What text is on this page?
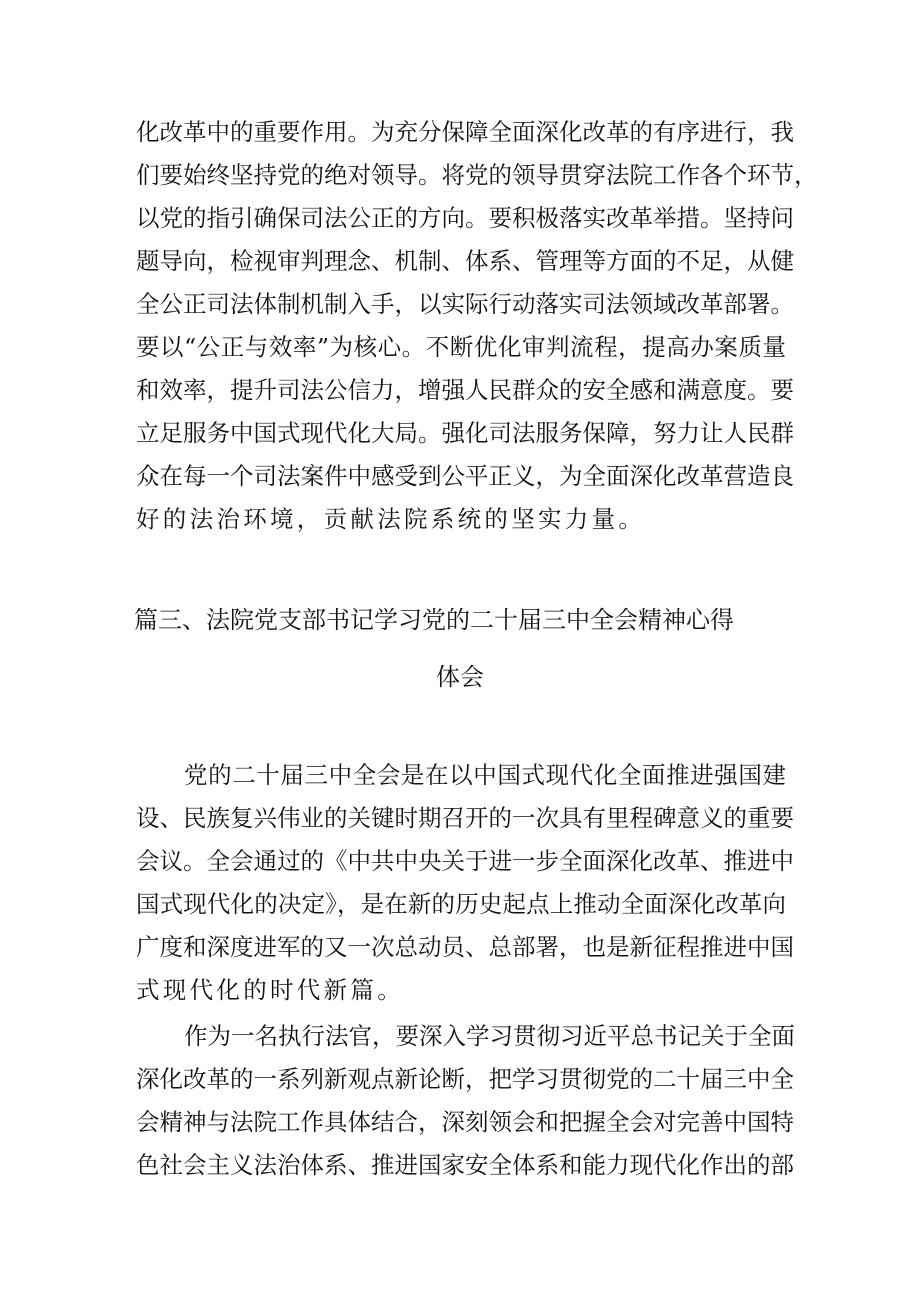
化改革中的重要作用。为充分保障全面深化改革的有序进行，我
们要始终坚持党的绝对领导。将党的领导贯穿法院工作各个环节，
以党的指引确保司法公正的方向。要积极落实改革举措。坚持问
题导向，检视审判理念、机制、体系、管理等方面的不足，从健
全公正司法体制机制入手，以实际行动落实司法领域改革部署。
要以“公正与效率”为核心。不断优化审判流程，提高办案质量
和效率，提升司法公信力，增强人民群众的安全感和满意度。要
立足服务中国式现代化大局。强化司法服务保障，努力让人民群
众在每一个司法案件中感受到公平正义，为全面深化改革营造良
好的法治环境，贡献法院系统的坚实力量。
篇三、法院党支部书记学习党的二十届三中全会精神心得
体会
党的二十届三中全会是在以中国式现代化全面推进强国建
设、民族复兴伟业的关键时期召开的一次具有里程碑意义的重要
会议。全会通过的《中共中央关于进一步全面深化改革、推进中
国式现代化的决定》，是在新的历史起点上推动全面深化改革向
广度和深度进军的又一次总动员、总部署，也是新征程推进中国
式现代化的时代新篇。
作为一名执行法官，要深入学习贯彻习近平总书记关于全面
深化改革的一系列新观点新论断，把学习贯彻党的二十届三中全
会精神与法院工作具体结合，深刻领会和把握全会对完善中国特
色社会主义法治体系、推进国家安全体系和能力现代化作出的部
